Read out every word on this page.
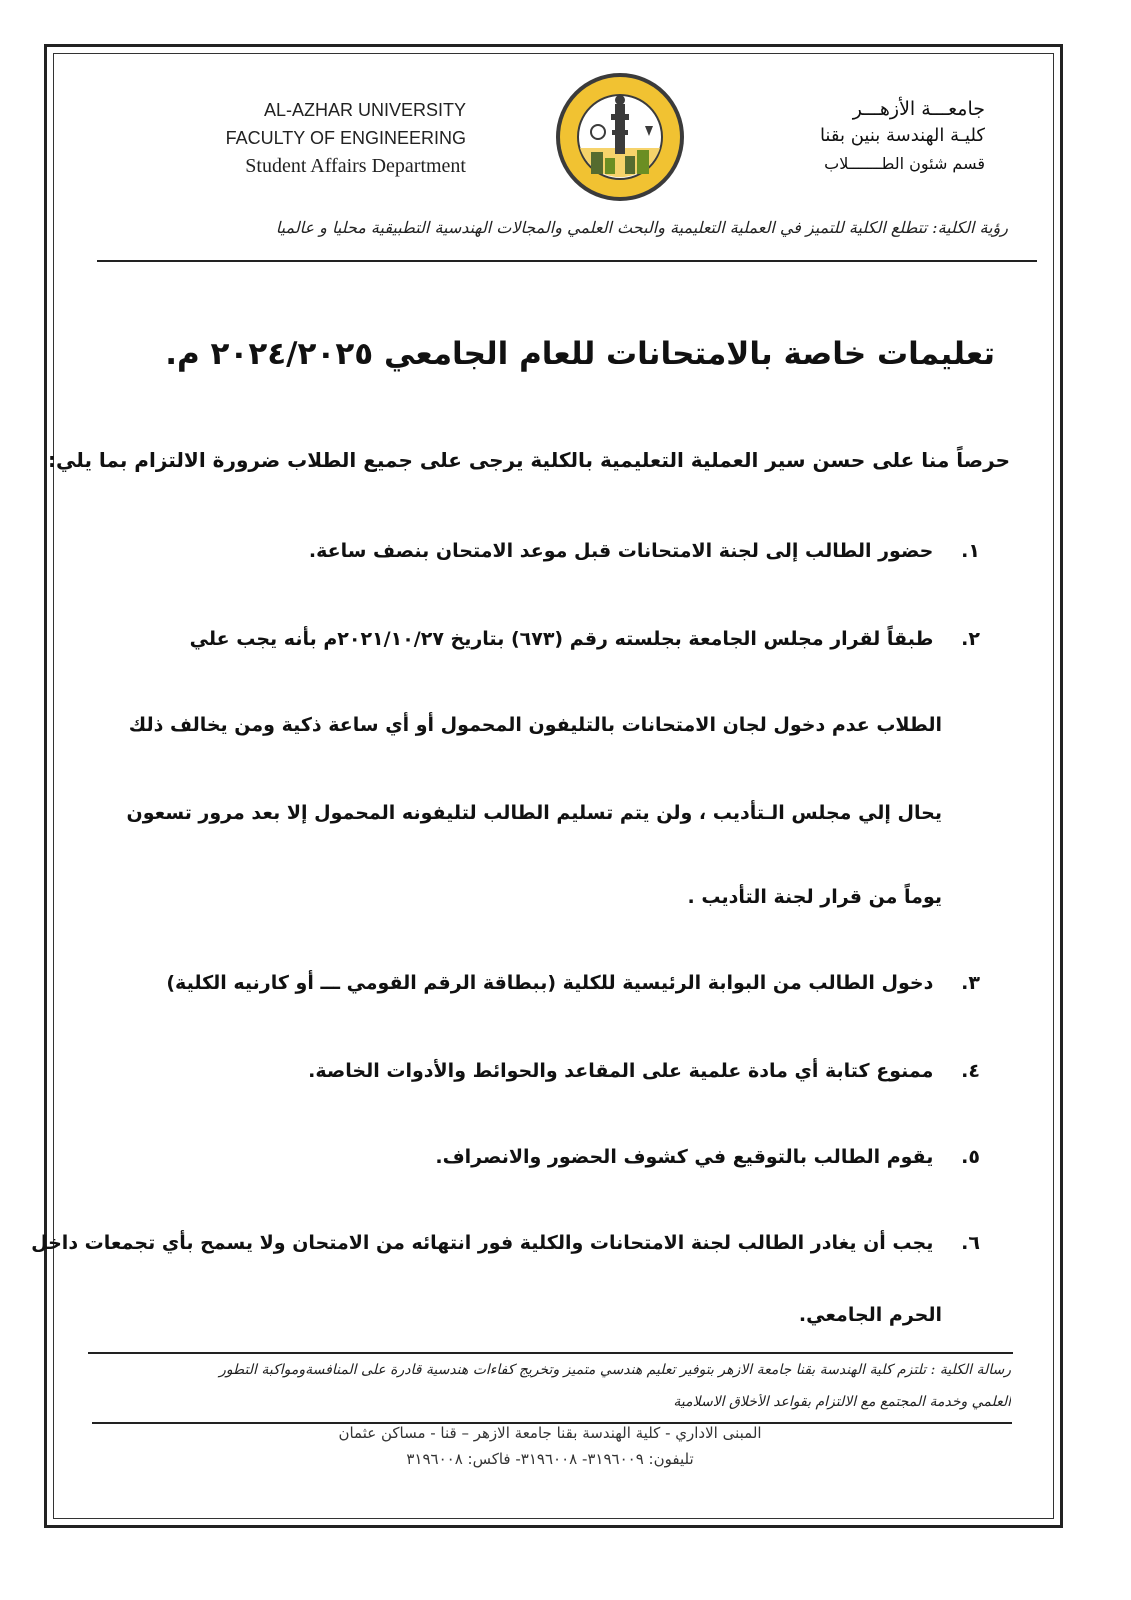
AL-AZHAR UNIVERSITY
FACULTY OF ENGINEERING
Student Affairs Department
جامعـــة الأزهـــر
كليـة الهندسة بنين بقنا
قسم شئون الطـــــــلاب
رؤية الكلية: تتطلع الكلية للتميز في العملية التعليمية والبحث العلمي والمجالات الهندسية التطبيقية محليا و عالميا
تعليمات خاصة بالامتحانات للعام الجامعي ٢٠٢٤/٢٠٢٥ م.
حرصاً منا على حسن سير العملية التعليمية بالكلية يرجى على جميع الطلاب ضرورة الالتزام بما يلي:
١. حضور الطالب إلى لجنة الامتحانات قبل موعد الامتحان بنصف ساعة.
٢. طبقاً لقرار مجلس الجامعة بجلسته رقم (٦٧٣) بتاريخ ٢٠٢١/١٠/٢٧م بأنه يجب علي
الطلاب عدم دخول لجان الامتحانات بالتليفون المحمول أو أي ساعة ذكية ومن يخالف ذلك
يحال إلي مجلس الـتأديب ، ولن يتم تسليم الطالب لتليفونه المحمول إلا بعد مرور تسعون
يوماً من قرار لجنة التأديب .
٣. دخول الطالب من البوابة الرئيسية للكلية (ببطاقة الرقم القومي ـــ أو كارنيه الكلية)
٤. ممنوع كتابة أي مادة علمية على المقاعد والحوائط والأدوات الخاصة.
٥. يقوم الطالب بالتوقيع في كشوف الحضور والانصراف.
٦. يجب أن يغادر الطالب لجنة الامتحانات والكلية فور انتهائه من الامتحان ولا يسمح بأي تجمعات داخل
الحرم الجامعي.
رسالة الكلية : تلتزم كلية الهندسة بقنا جامعة الازهر بتوفير تعليم هندسي متميز وتخريج كفاءات هندسية قادرة على المنافسةومواكبة التطور
العلمي وخدمة المجتمع مع الالتزام بقواعد الأخلاق الاسلامية
المبنى الاداري - كلية الهندسة بقنا جامعة الازهر – قنا - مساكن عثمان
تليفون: ٣١٩٦٠٠٩- ٣١٩٦٠٠٨- فاكس: ٣١٩٦٠٠٨
